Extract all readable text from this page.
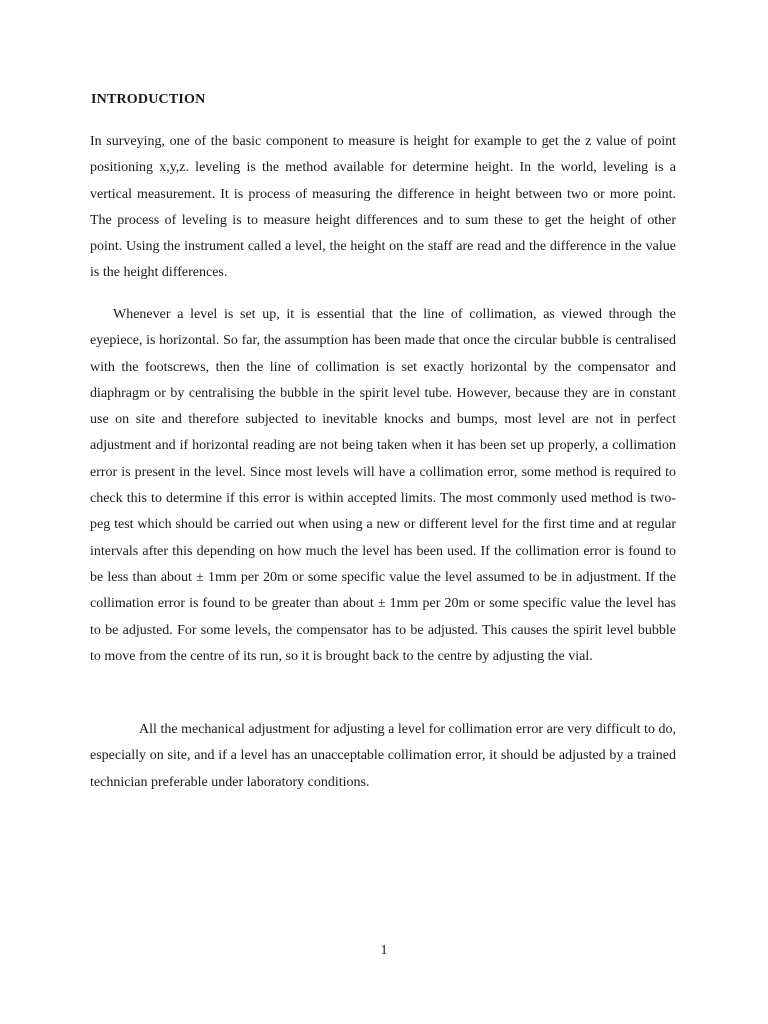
INTRODUCTION

In surveying, one of the basic component to measure is height for example to get the z value of point positioning x,y,z. leveling is the method available for determine height. In the world, leveling is a vertical measurement. It is process of measuring the difference in height between two or more point. The process of leveling is to measure height differences and to sum these to get the height of other point. Using the instrument called a level, the height on the staff are read and the difference in the value is the height differences.

Whenever a level is set up, it is essential that the line of collimation, as viewed through the eyepiece, is horizontal. So far, the assumption has been made that once the circular bubble is centralised with the footscrews, then the line of collimation is set exactly horizontal by the compensator and diaphragm or by centralising the bubble in the spirit level tube. However, because they are in constant use on site and therefore subjected to inevitable knocks and bumps, most level are not in perfect adjustment and if horizontal reading are not being taken when it has been set up properly, a collimation error is present in the level. Since most levels will have a collimation error, some method is required to check this to determine if this error is within accepted limits. The most commonly used method is two- peg test which should be carried out when using a new or different level for the first time and at regular intervals after this depending on how much the level has been used. If the collimation error is found to be less than about ± 1mm per 20m or some specific value the level assumed to be in adjustment. If the collimation error is found to be greater than about ± 1mm per 20m or some specific value the level has to be adjusted. For some levels, the compensator has to be adjusted. This causes the spirit level bubble to move from the centre of its run, so it is brought back to the centre by adjusting the vial.

All the mechanical adjustment for adjusting a level for collimation error are very difficult to do, especially on site, and if a level has an unacceptable collimation error, it should be adjusted by a trained technician preferable under laboratory conditions.

1
